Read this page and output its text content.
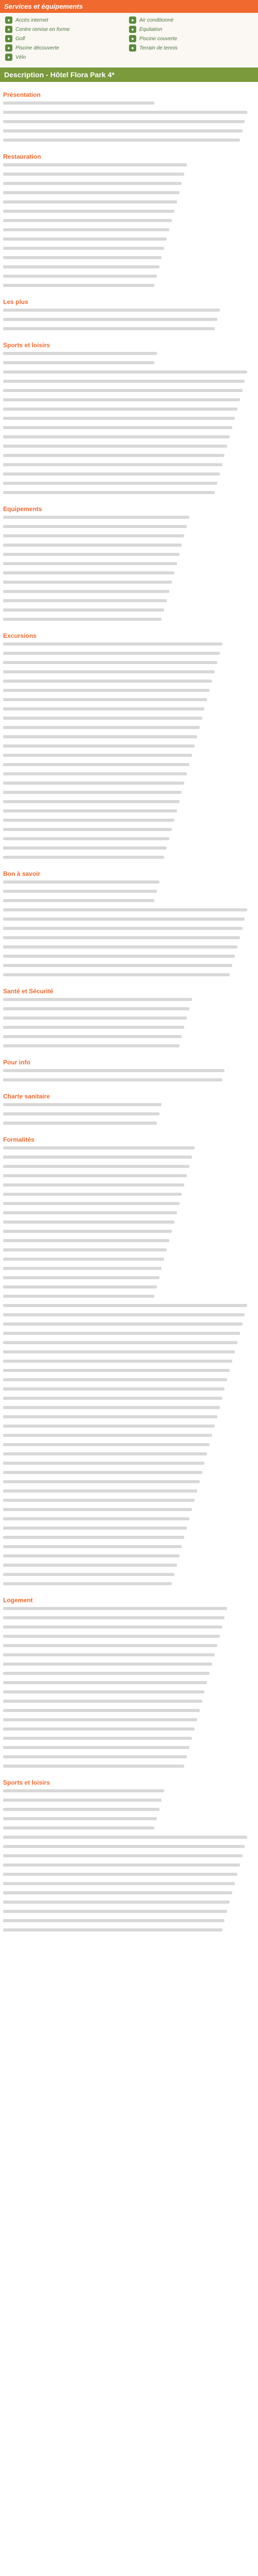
Services et équipements
●	Accès internet	●	Air conditionné
●	Centre remise en forme	●	Equitation
●	Golf	●	Piscine couverte
●	Piscine découverte	●	Terrain de tennis
●	Vélo
Description - Hôtel Flora Park 4*
Présentation
Restauration
Les plus
Sports et loisirs
Equipements
Excursions
Bon à savoir
Santé et Sécurité
Pour info
Charte sanitaire
Formalités
Logement
Sports et loisirs
